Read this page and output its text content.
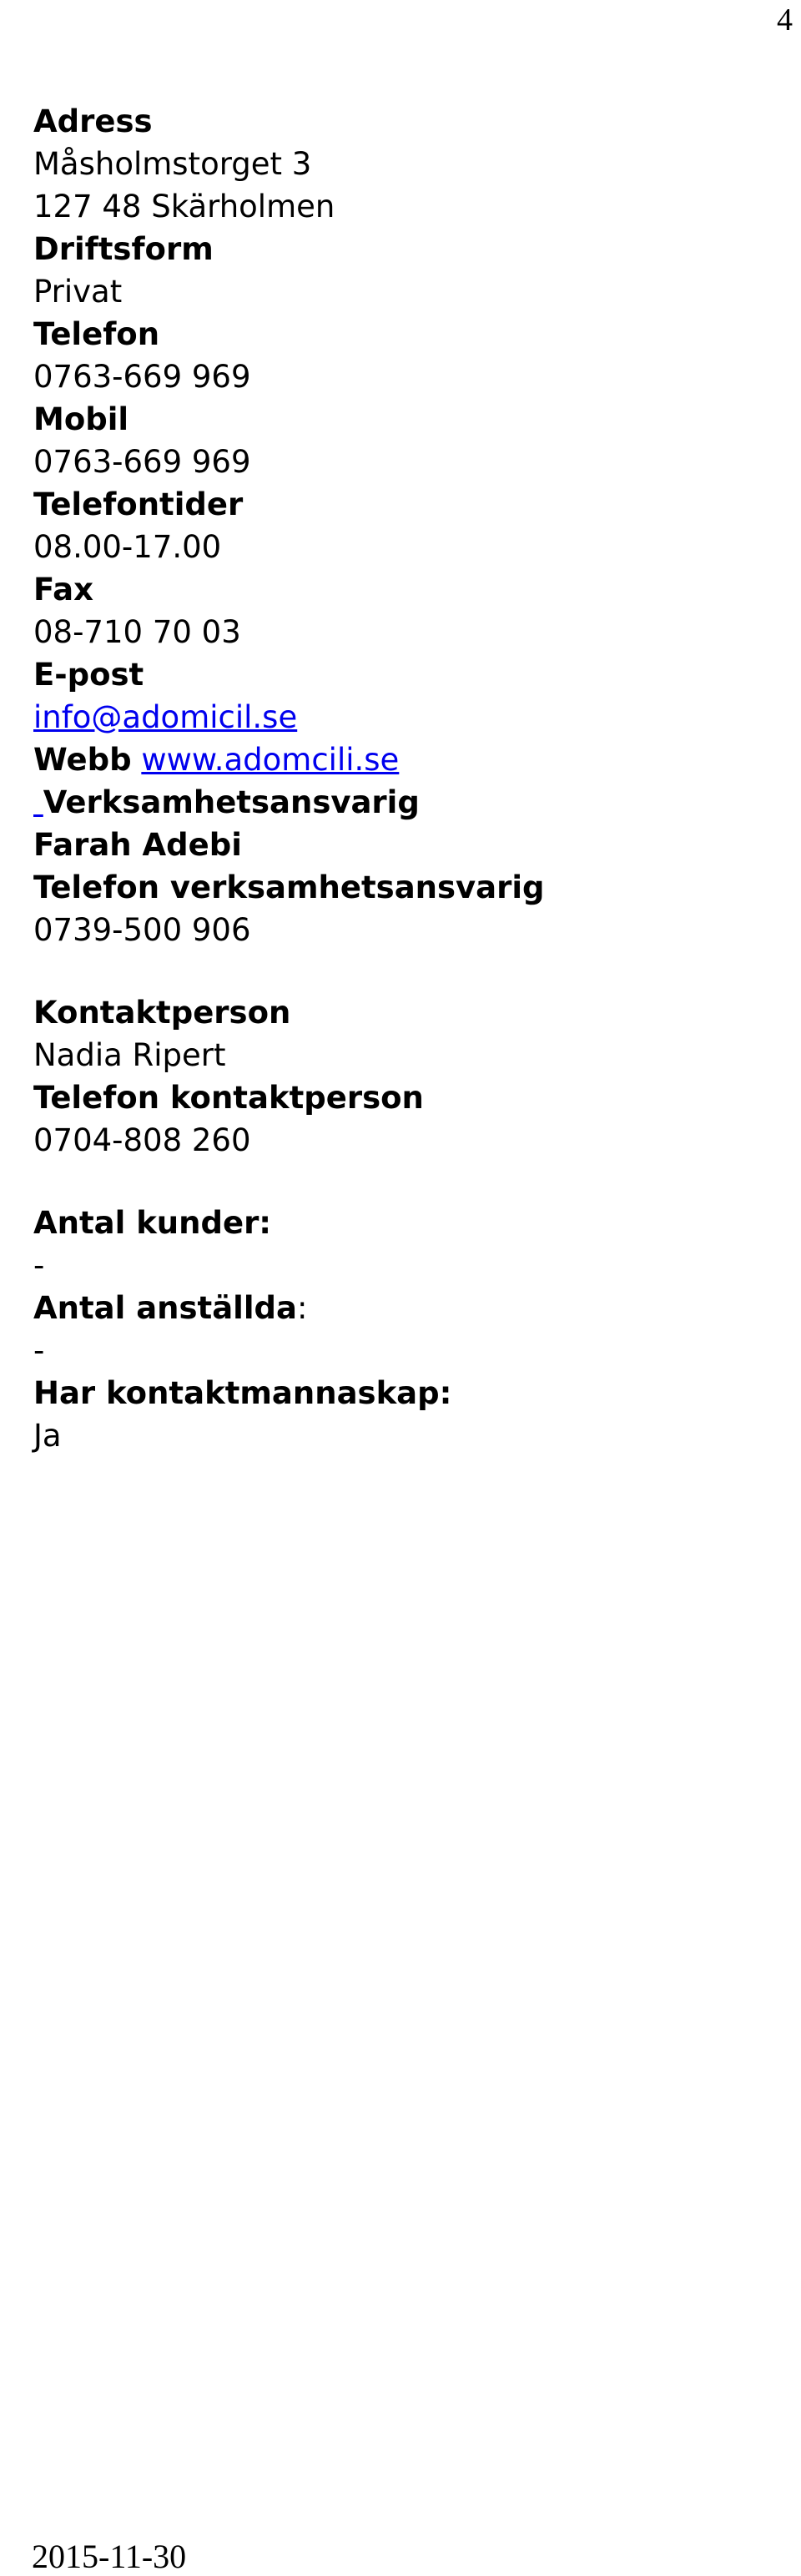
4
Adress
Måsholmstorget 3
127 48 Skärholmen
Driftsform
Privat
Telefon
0763-669 969
Mobil
0763-669 969
Telefontider
08.00-17.00
Fax
08-710 70 03
E-post
info@adomicil.se
Webb www.adomcili.se
Verksamhetsansvarig
Farah Adebi
Telefon verksamhetsansvarig
0739-500 906
Kontaktperson
Nadia Ripert
Telefon kontaktperson
0704-808 260
Antal kunder:
-
Antal anställda:
-
Har kontaktmannaskap:
Ja
2015-11-30
